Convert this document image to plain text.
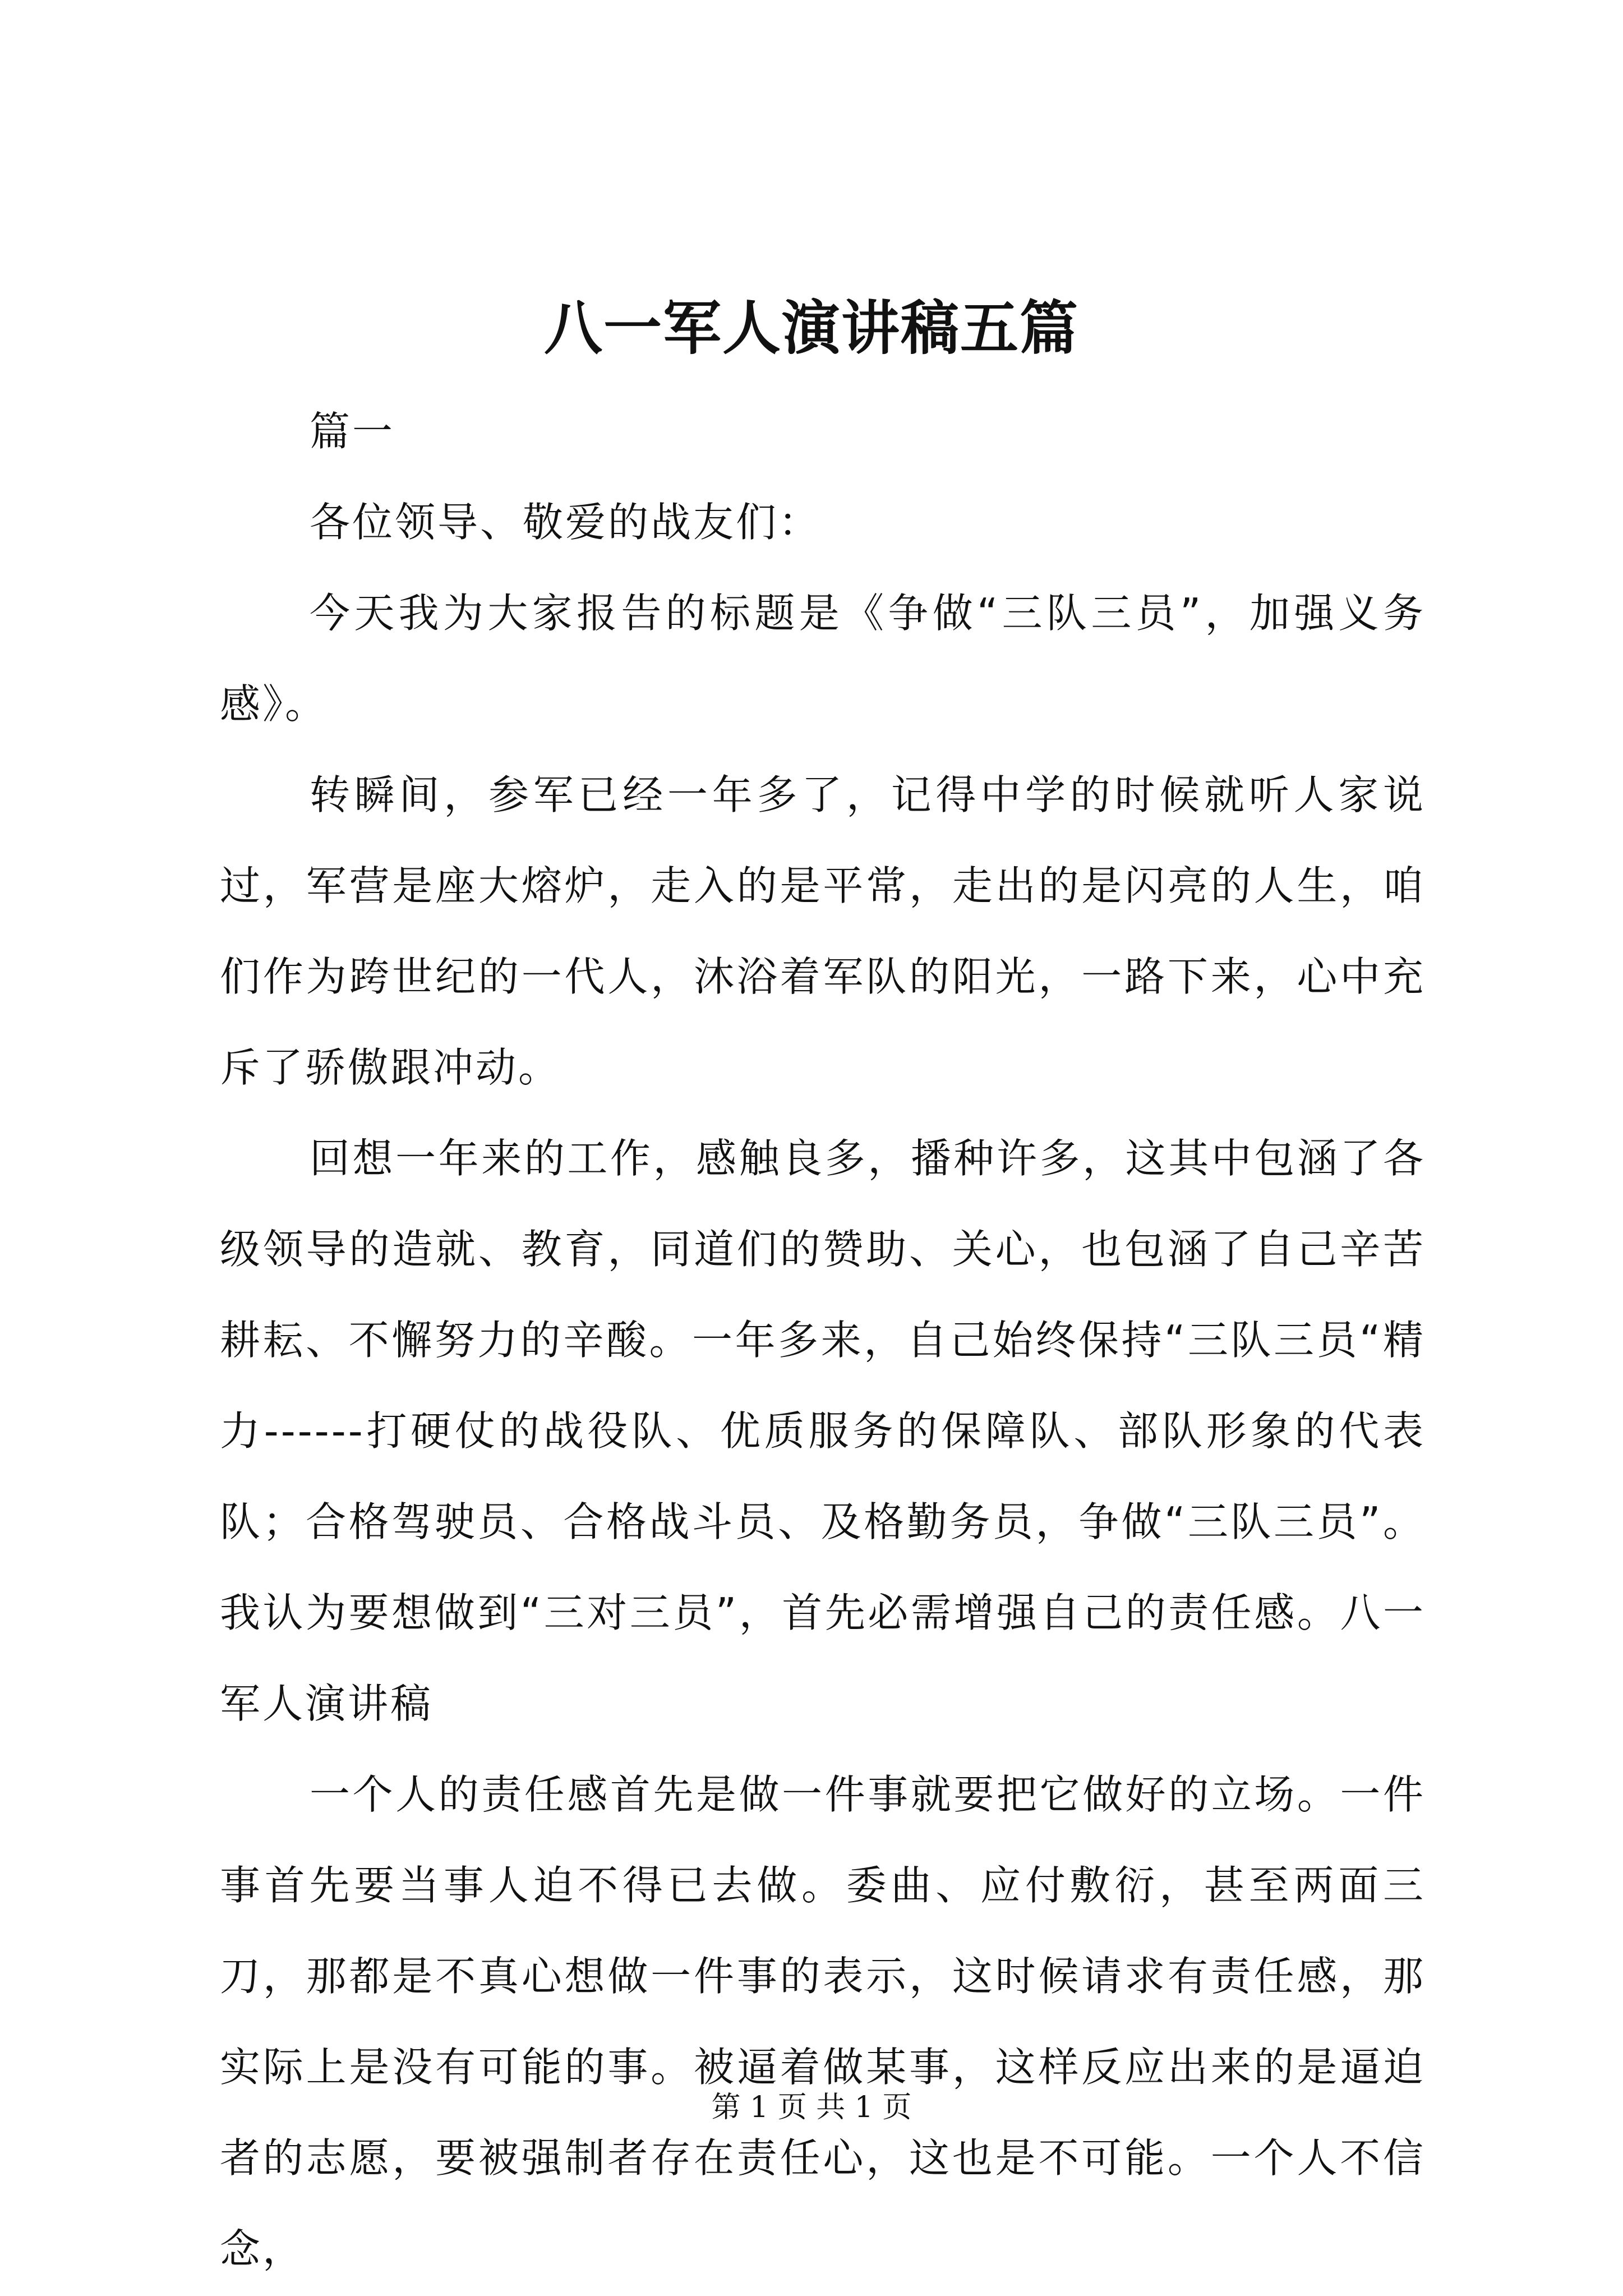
八一军人演讲稿五篇

篇一

各位领导、敬爱的战友们：

今天我为大家报告的标题是《争做“三队三员”，加强义务感》。

转瞬间，参军已经一年多了，记得中学的时候就听人家说过，军营是座大熔炉，走入的是平常，走出的是闪亮的人生，咱们作为跨世纪的一代人，沐浴着军队的阳光，一路下来，心中充斥了骄傲跟冲动。

回想一年来的工作，感触良多，播种许多，这其中包涵了各级领导的造就、教育，同道们的赞助、关心，也包涵了自己辛苦耕耘、不懈努力的辛酸。一年多来，自己始终保持“三队三员“精力------打硬仗的战役队、优质服务的保障队、部队形象的代表队；合格驾驶员、合格战斗员、及格勤务员，争做“三队三员”。我认为要想做到“三对三员”，首先必需增强自己的责任感。八一军人演讲稿

一个人的责任感首先是做一件事就要把它做好的立场。一件事首先要当事人迫不得已去做。委曲、应付敷衍，甚至两面三刀，那都是不真心想做一件事的表示，这时候请求有责任感，那实际上是没有可能的事。被逼着做某事，这样反应出来的是逼迫者的志愿，要被强制者存在责任心，这也是不可能。一个人不信念，

第 1 页 共 1 页
